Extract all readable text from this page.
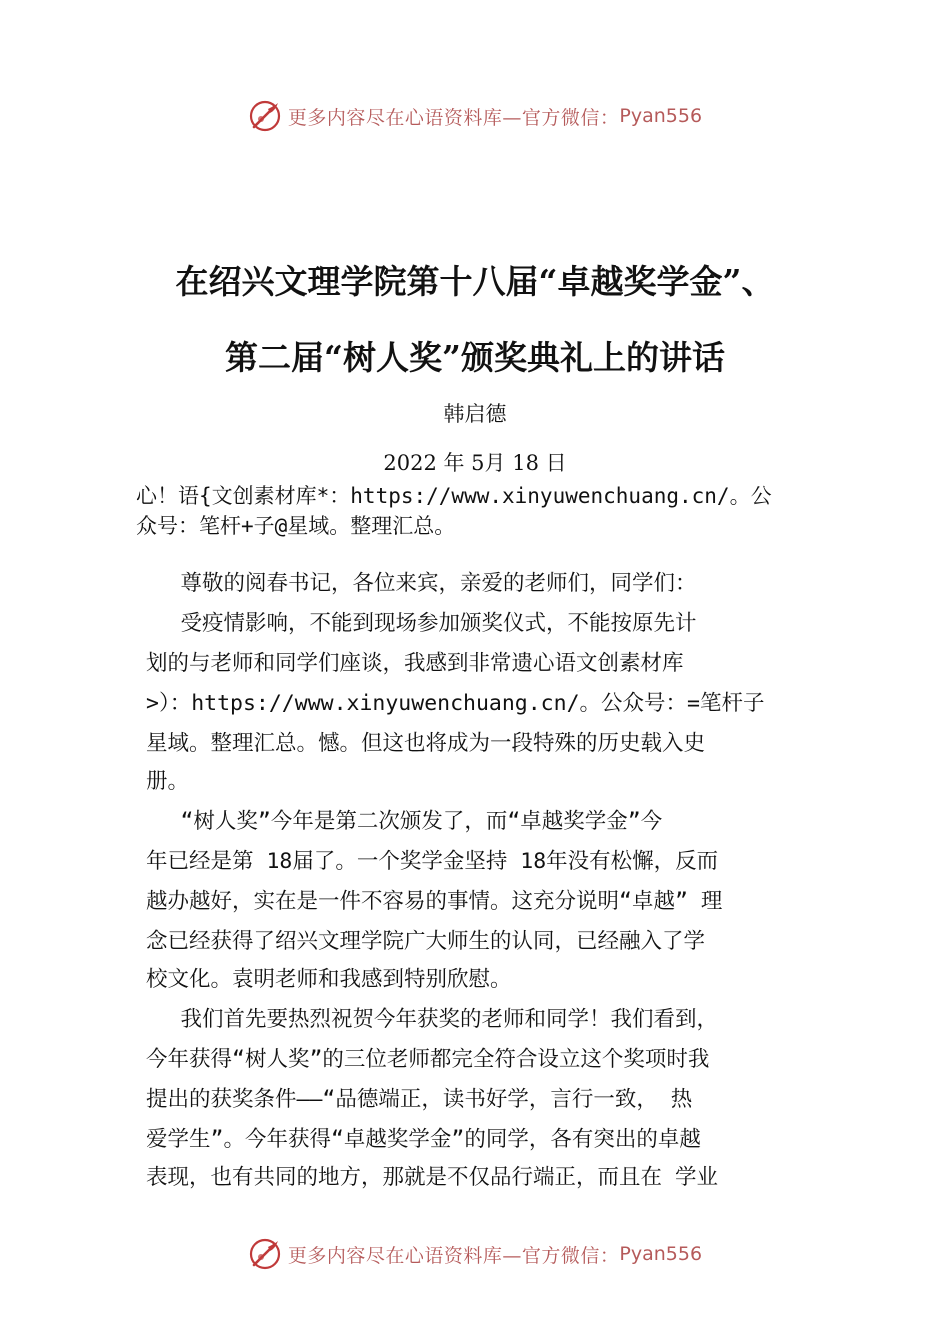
更多内容尽在心语资料库—官方微信： Pyan556
在绍兴文理学院第十八届“卓越奖学金”、
第二届“树人奖”颁奖典礼上的讲话
韩启德
2022 年 5月 18 日
心！语{文创素材库*：https://www.xinyuwenchuang.cn/。公
众号：笔杆+子@星域。整理汇总。
　 尊敬的阅春书记，各位来宾，亲爱的老师们，同学们：
　 受疫情影响，不能到现场参加颁奖仪式，不能按原先计
划的与老师和同学们座谈，我感到非常遗心语文创素材库
>）：https://www.xinyuwenchuang.cn/。公众号：=笔杆子
星域。整理汇总。憾。但这也将成为一段特殊的历史载入史
册。
　 “树人奖”今年是第二次颁发了，而“卓越奖学金”今
年已经是第 18届了。一个奖学金坚持 18年没有松懈，反而
越办越好，实在是一件不容易的事情。这充分说明“卓越” 理
念已经获得了绍兴文理学院广大师生的认同，已经融入了学
校文化。袁明老师和我感到特别欣慰。
　 我们首先要热烈祝贺今年获奖的老师和同学！我们看到，
今年获得“树人奖”的三位老师都完全符合设立这个奖项时我
提出的获奖条件——“品德端正，读书好学，言行一致， 热
爱学生”。今年获得“卓越奖学金”的同学，各有突出的卓越
表现，也有共同的地方，那就是不仅品行端正，而且在 学业
更多内容尽在心语资料库—官方微信： Pyan556
